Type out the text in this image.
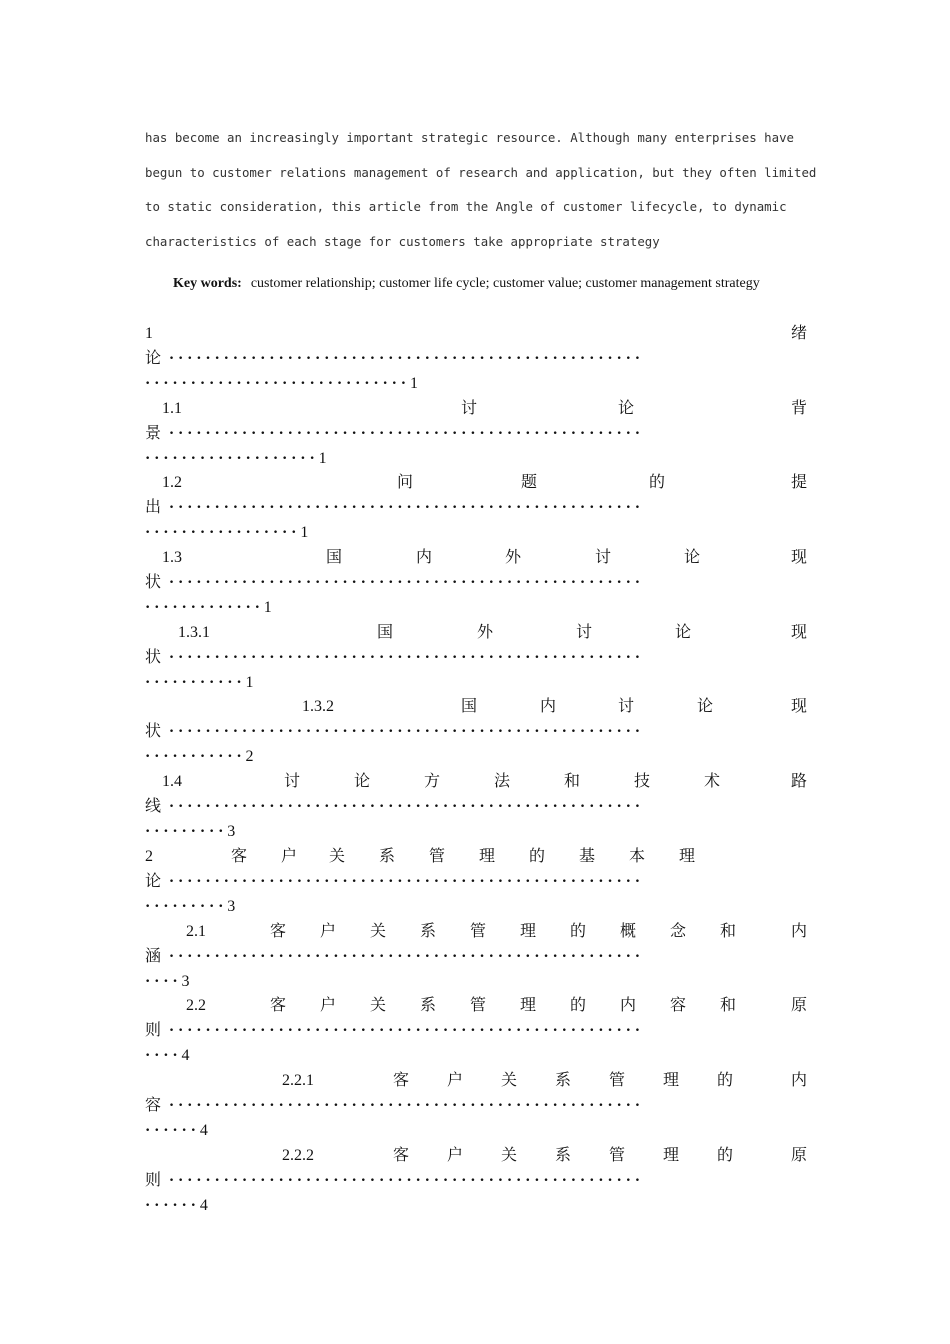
has become an increasingly important strategic resource. Although many enterprises have
begun to customer relations management of research and application, but they often limited
to static consideration, this article from the Angle of customer lifecycle, to dynamic
characteristics of each stage for customers take appropriate strategy
Key words: customer relationship; customer life cycle; customer value; customer management strategy
1	绪
论 ····················································
·····························1
1.1	讨	论	背
景 ····················································
···················1
1.2	问	题	的	提
出 ····················································
·················1
1.3	国	内	外	讨	论	现
状 ····················································
·············1
1.3.1	国	外	讨	论	现
状 ····················································
···········1
1.3.2	国	内	讨	论	现
状 ····················································
···········2
1.4	讨	论	方	法	和	技	术	路
线 ····················································
·········3
2	客 户 关 系 管 理 的 基 本 理
论 ····················································
·········3
2.1	客 户 关 系 管 理 的 概 念 和	内
涵 ····················································
····3
2.2	客 户 关 系 管 理 的 内 容 和	原
则 ····················································
····4
2.2.1	客 户 关 系 管 理 的	内
容 ····················································
······4
2.2.2	客 户 关 系 管 理 的	原
则 ····················································
······4
